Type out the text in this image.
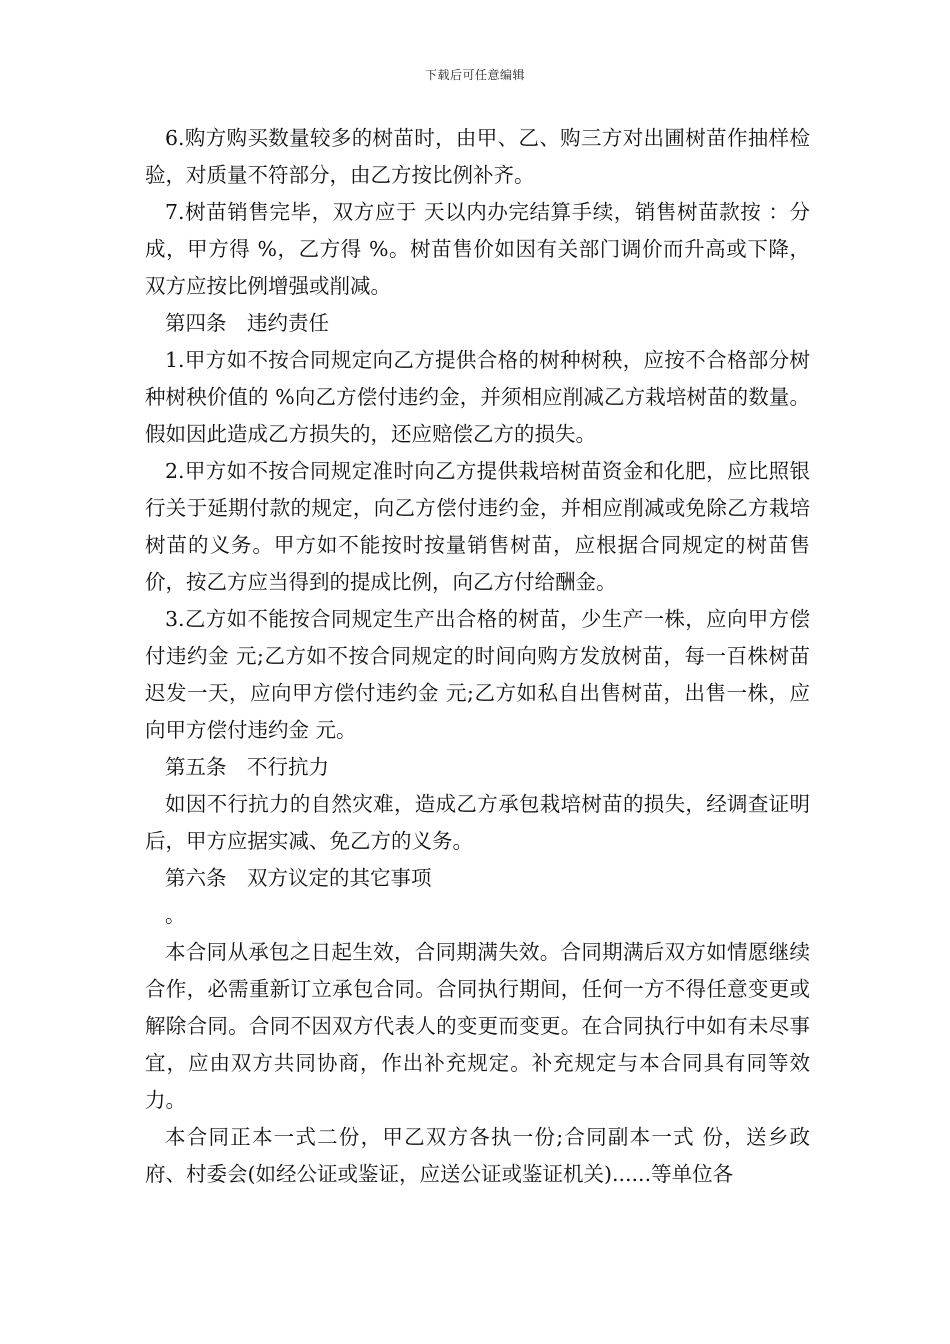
下载后可任意编辑

6.购方购买数量较多的树苗时，由甲、乙、购三方对出圃树苗作抽样检验，对质量不符部分，由乙方按比例补齐。

7.树苗销售完毕，双方应于 天以内办完结算手续，销售树苗款按 ：分成，甲方得 %，乙方得 %。树苗售价如因有关部门调价而升高或下降，双方应按比例增强或削减。

第四条　违约责任

1.甲方如不按合同规定向乙方提供合格的树种树秧，应按不合格部分树种树秧价值的 %向乙方偿付违约金，并须相应削减乙方栽培树苗的数量。假如因此造成乙方损失的，还应赔偿乙方的损失。

2.甲方如不按合同规定准时向乙方提供栽培树苗资金和化肥，应比照银行关于延期付款的规定，向乙方偿付违约金，并相应削减或免除乙方栽培树苗的义务。甲方如不能按时按量销售树苗，应根据合同规定的树苗售价，按乙方应当得到的提成比例，向乙方付给酬金。

3.乙方如不能按合同规定生产出合格的树苗，少生产一株，应向甲方偿付违约金 元;乙方如不按合同规定的时间向购方发放树苗，每一百株树苗迟发一天，应向甲方偿付违约金 元;乙方如私自出售树苗，出售一株，应向甲方偿付违约金 元。

第五条　不行抗力

如因不行抗力的自然灾难，造成乙方承包栽培树苗的损失，经调查证明后，甲方应据实减、免乙方的义务。

第六条　双方议定的其它事项

。

本合同从承包之日起生效，合同期满失效。合同期满后双方如情愿继续合作，必需重新订立承包合同。合同执行期间，任何一方不得任意变更或解除合同。合同不因双方代表人的变更而变更。在合同执行中如有未尽事宜，应由双方共同协商，作出补充规定。补充规定与本合同具有同等效力。

本合同正本一式二份，甲乙双方各执一份;合同副本一式 份，送乡政府、村委会(如经公证或鉴证，应送公证或鉴证机关)......等单位各
